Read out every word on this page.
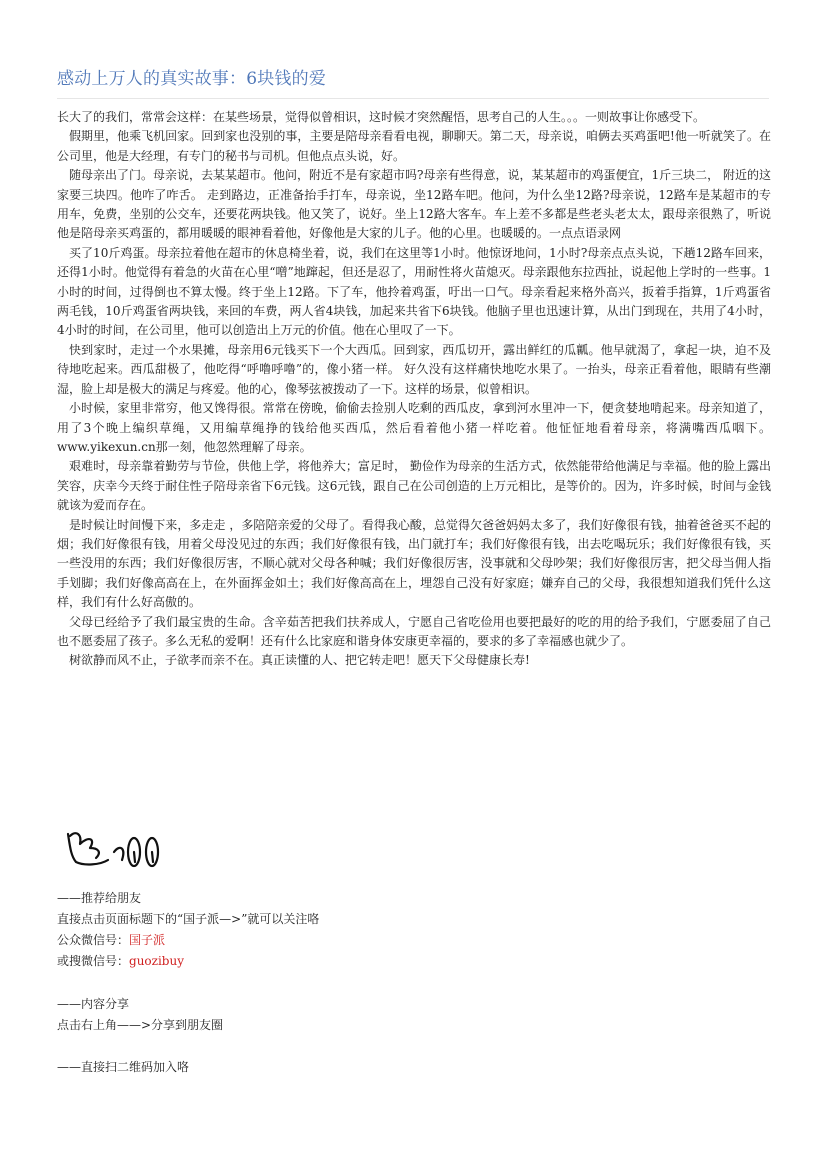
感动上万人的真实故事：6块钱的爱

长大了的我们，常常会这样：在某些场景，觉得似曾相识，这时候才突然醒悟，思考自己的人生。。。一则故事让你感受下。

假期里，他乘飞机回家。回到家也没别的事，主要是陪母亲看看电视，聊聊天。第二天，母亲说，咱俩去买鸡蛋吧!他一听就笑了。在公司里，他是大经理，有专门的秘书与司机。但他点点头说，好。

随母亲出了门。母亲说，去某某超市。他问，附近不是有家超市吗?母亲有些得意，说，某某超市的鸡蛋便宜，1斤三块二， 附近的这家要三块四。他咋了咋舌。 走到路边，正准备抬手打车，母亲说，坐12路车吧。他问，为什么坐12路?母亲说，12路车是某超市的专用车，免费，坐别的公交车，还要花两块钱。他又笑了，说好。坐上12路大客车。车上差不多都是些老头老太太，跟母亲很熟了，听说他是陪母亲买鸡蛋的，都用暖暖的眼神看着他，好像他是大家的儿子。他的心里。也暖暖的。一点点语录网

买了10斤鸡蛋。母亲拉着他在超市的休息椅坐着，说，我们在这里等1小时。他惊讶地问，1小时?母亲点点头说，下趟12路车回来，还得1小时。他觉得有着急的火苗在心里“噌”地蹿起，但还是忍了，用耐性将火苗熄灭。母亲跟他东拉西扯，说起他上学时的一些事。1小时的时间，过得倒也不算太慢。终于坐上12路。下了车，他拎着鸡蛋，吁出一口气。母亲看起来格外高兴，扳着手指算，1斤鸡蛋省两毛钱，10斤鸡蛋省两块钱，来回的车费，两人省4块钱，加起来共省下6块钱。他脑子里也迅速计算，从出门到现在，共用了4小时，4小时的时间，在公司里，他可以创造出上万元的价值。他在心里叹了一下。

快到家时，走过一个水果摊，母亲用6元钱买下一个大西瓜。回到家，西瓜切开，露出鲜红的瓜瓤。他早就渴了，拿起一块，迫不及待地吃起来。西瓜甜极了，他吃得“呼噜呼噜”的，像小猪一样。 好久没有这样痛快地吃水果了。一抬头，母亲正看着他，眼睛有些潮湿，脸上却是极大的满足与疼爱。他的心，像琴弦被拨动了一下。这样的场景，似曾相识。

小时候，家里非常穷，他又馋得很。常常在傍晚，偷偷去捡别人吃剩的西瓜皮，拿到河水里冲一下，便贪婪地啃起来。母亲知道了，用了3个晚上编织草绳，又用编草绳挣的钱给他买西瓜，然后看着他小猪一样吃着。他怔怔地看着母亲，将满嘴西瓜咽下。www.yikexun.cn那一刻，他忽然理解了母亲。

艰难时，母亲靠着勤劳与节俭，供他上学，将他养大；富足时， 勤俭作为母亲的生活方式，依然能带给他满足与幸福。他的脸上露出笑容，庆幸今天终于耐住性子陪母亲省下6元钱。这6元钱，跟自己在公司创造的上万元相比，是等价的。因为，许多时候，时间与金钱就该为爱而存在。

是时候让时间慢下来，多走走 ，多陪陪亲爱的父母了。看得我心酸，总觉得欠爸爸妈妈太多了，我们好像很有钱，抽着爸爸买不起的烟；我们好像很有钱，用着父母没见过的东西；我们好像很有钱，出门就打车；我们好像很有钱，出去吃喝玩乐；我们好像很有钱，买一些没用的东西；我们好像很厉害，不顺心就对父母各种喊；我们好像很厉害，没事就和父母吵架；我们好像很厉害，把父母当佣人指手划脚；我们好像高高在上，在外面挥金如土；我们好像高高在上，埋怨自己没有好家庭；嫌弃自己的父母，我很想知道我们凭什么这样，我们有什么好高傲的。

父母已经给予了我们最宝贵的生命。含辛茹苦把我们扶养成人，宁愿自己省吃俭用也要把最好的吃的用的给予我们，宁愿委屈了自己也不愿委屈了孩子。多么无私的爱啊！还有什么比家庭和谐身体安康更幸福的，要求的多了幸福感也就少了。

树欲静而风不止，子欲孝而亲不在。真正读懂的人、把它转走吧！愿天下父母健康长寿!

——推荐给朋友
直接点击页面标题下的“国子派—>”就可以关注咯
公众微信号：国子派
或搜微信号：guozibuy
——内容分享
点击右上角——>分享到朋友圈
——直接扫二维码加入咯
